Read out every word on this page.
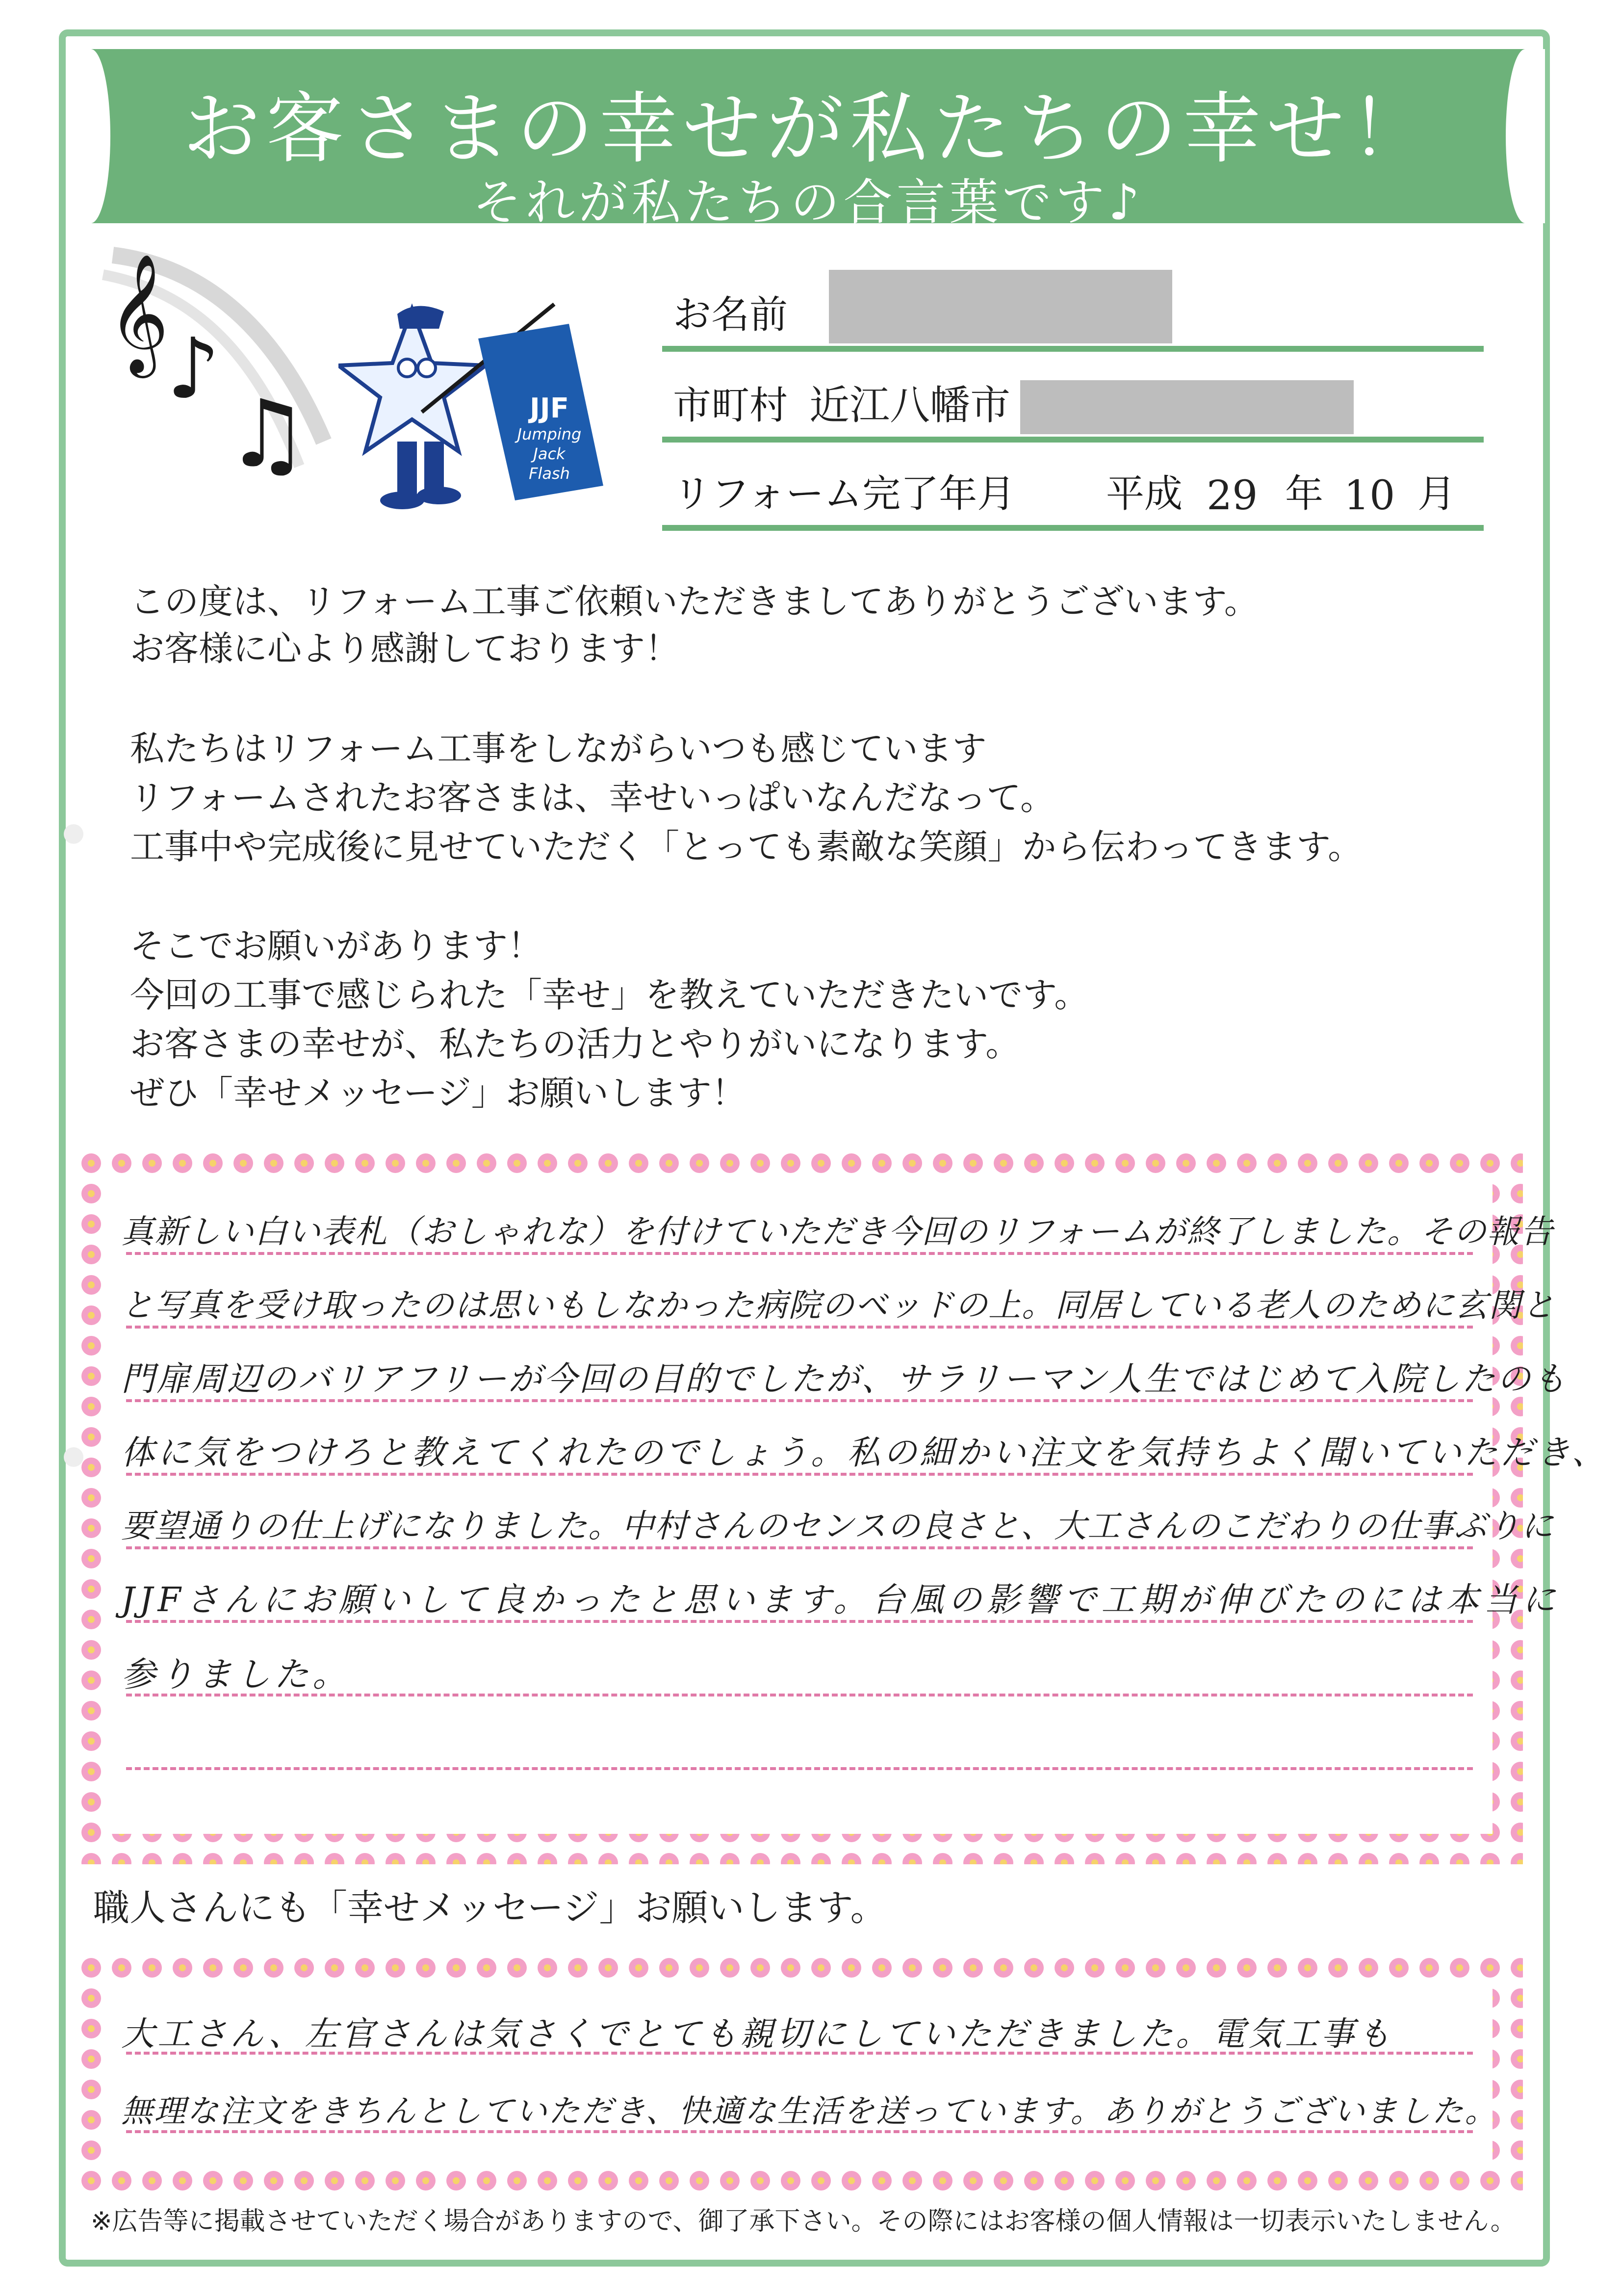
お客さまの幸せが私たちの幸せ！
それが私たちの合言葉です♪
𝄞
♪
♫	JJF
Jumping
Jack
Flash
お名前
市町村 近江八幡市
リフォーム完了年月 平成 29 年 10 月
この度は、リフォーム工事ご依頼いただきましてありがとうございます。
お客様に心より感謝しております！
私たちはリフォーム工事をしながらいつも感じています
リフォームされたお客さまは、幸せいっぱいなんだなって。
工事中や完成後に見せていただく「とっても素敵な笑顔」から伝わってきます。
そこでお願いがあります！
今回の工事で感じられた「幸せ」を教えていただきたいです。
お客さまの幸せが、私たちの活力とやりがいになります。
ぜひ「幸せメッセージ」お願いします！
真新しい白い表札（おしゃれな）を付けていただき今回のリフォームが終了しました。その報告
と写真を受け取ったのは思いもしなかった病院のベッドの上。同居している老人のために玄関と
門扉周辺のバリアフリーが今回の目的でしたが、サラリーマン人生ではじめて入院したのも
体に気をつけろと教えてくれたのでしょう。私の細かい注文を気持ちよく聞いていただき、
要望通りの仕上げになりました。中村さんのセンスの良さと、大工さんのこだわりの仕事ぶりに
JJFさんにお願いして良かったと思います。台風の影響で工期が伸びたのには本当に
参りました。
職人さんにも「幸せメッセージ」お願いします。
大工さん、左官さんは気さくでとても親切にしていただきました。電気工事も
無理な注文をきちんとしていただき、快適な生活を送っています。ありがとうございました。
※広告等に掲載させていただく場合がありますので、御了承下さい。その際にはお客様の個人情報は一切表示いたしません。
